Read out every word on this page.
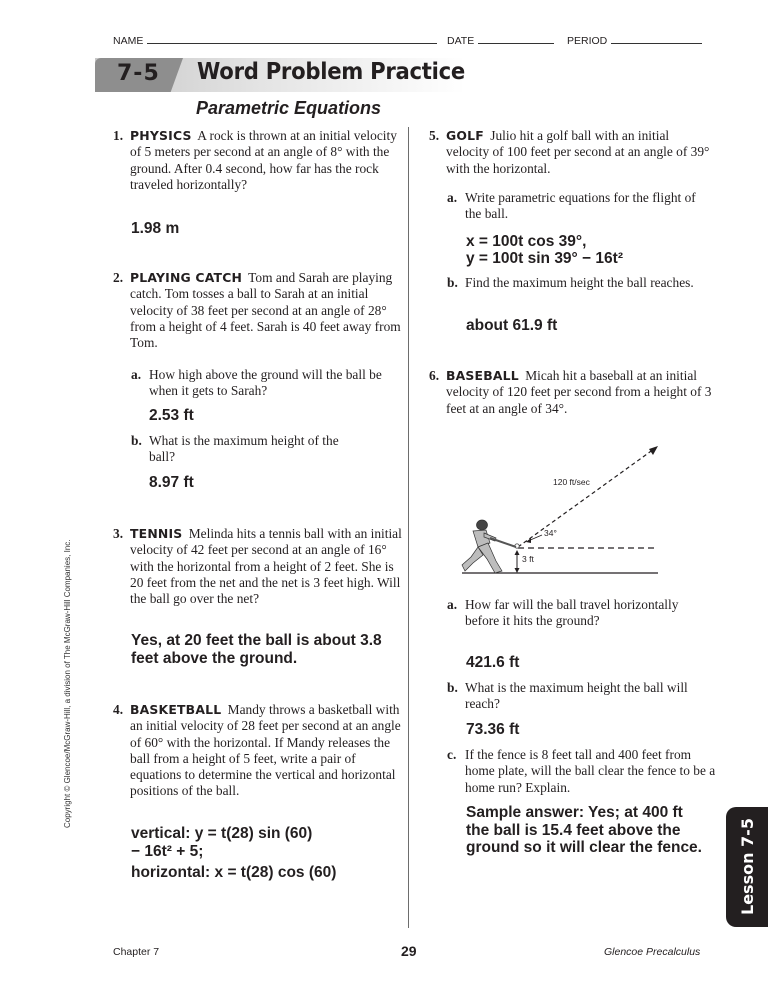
NAME	DATE	PERIOD
7-5 Word Problem Practice
Parametric Equations
1. PHYSICS A rock is thrown at an initial velocity of 5 meters per second at an angle of 8° with the ground. After 0.4 second, how far has the rock traveled horizontally?
1.98 m
2. PLAYING CATCH Tom and Sarah are playing catch. Tom tosses a ball to Sarah at an initial velocity of 38 feet per second at an angle of 28° from a height of 4 feet. Sarah is 40 feet away from Tom.
a. How high above the ground will the ball be when it gets to Sarah?
2.53 ft
b. What is the maximum height of the ball?
8.97 ft
3. TENNIS Melinda hits a tennis ball with an initial velocity of 42 feet per second at an angle of 16° with the horizontal from a height of 2 feet. She is 20 feet from the net and the net is 3 feet high. Will the ball go over the net?
Yes, at 20 feet the ball is about 3.8 feet above the ground.
4. BASKETBALL Mandy throws a basketball with an initial velocity of 28 feet per second at an angle of 60° with the horizontal. If Mandy releases the ball from a height of 5 feet, write a pair of equations to determine the vertical and horizontal positions of the ball.
vertical: y = t(28) sin (60)
− 16t² + 5;
horizontal: x = t(28) cos (60)
5. GOLF Julio hit a golf ball with an initial velocity of 100 feet per second at an angle of 39° with the horizontal.
a. Write parametric equations for the flight of the ball.
x = 100t cos 39°,
y = 100t sin 39° − 16t²
b. Find the maximum height the ball reaches.
about 61.9 ft
6. BASEBALL Micah hit a baseball at an initial velocity of 120 feet per second from a height of 3 feet at an angle of 34°.
120 ft/sec
34°
3 ft
a. How far will the ball travel horizontally before it hits the ground?
421.6 ft
b. What is the maximum height the ball will reach?
73.36 ft
c. If the fence is 8 feet tall and 400 feet from home plate, will the ball clear the fence to be a home run? Explain.
Sample answer: Yes; at 400 ft the ball is 15.4 feet above the ground so it will clear the fence.
Copyright © Glencoe/McGraw-Hill, a division of The McGraw-Hill Companies, Inc.
Lesson 7-5
Chapter 7	29	Glencoe Precalculus
